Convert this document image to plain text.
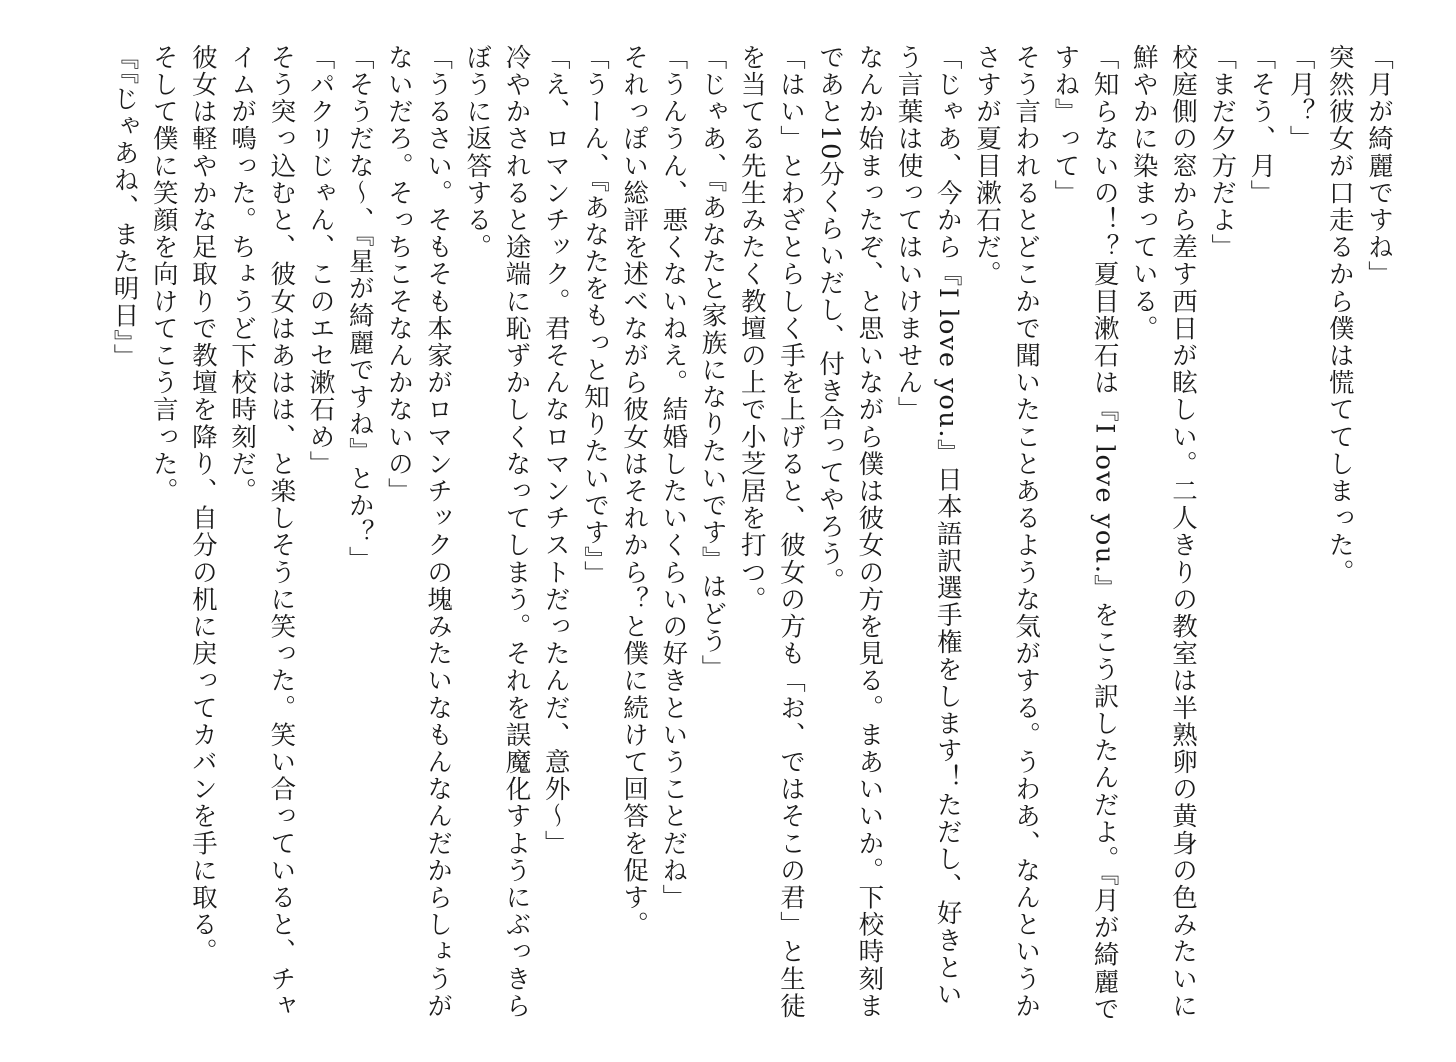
「月が綺麗ですね」
突然彼女が口走るから僕は慌ててしまった。
「月？」
「そう、月」
「まだ夕方だよ」
校庭側の窓から差す西日が眩しい。二人きりの教室は半熟卵の黄身の色みたいに鮮やかに染まっている。
「知らないの！？夏目漱石は『I love you.』をこう訳したんだよ。『月が綺麗ですね』って」
そう言われるとどこかで聞いたことあるような気がする。うわあ、なんというかさすが夏目漱石だ。
「じゃあ、今から『I love you.』日本語訳選手権をします！ただし、好きという言葉は使ってはいけません」
なんか始まったぞ、と思いながら僕は彼女の方を見る。まあいいか。下校時刻まであと10分くらいだし、付き合ってやろう。
「はい」とわざとらしく手を上げると、彼女の方も「お、ではそこの君」と生徒を当てる先生みたく教壇の上で小芝居を打つ。
「じゃあ、『あなたと家族になりたいです』はどう」
「うんうん、悪くないねえ。結婚したいくらいの好きということだね」
それっぽい総評を述べながら彼女はそれから？と僕に続けて回答を促す。
「うーん、『あなたをもっと知りたいです』」
「え、ロマンチック。君そんなロマンチストだったんだ、意外～」
冷やかされると途端に恥ずかしくなってしまう。それを誤魔化すようにぶっきらぼうに返答する。
「うるさい。そもそも本家がロマンチックの塊みたいなもんなんだからしょうがないだろ。そっちこそなんかないの」
「そうだな～、『星が綺麗ですね』とか？」
「パクリじゃん、このエセ漱石め」
そう突っ込むと、彼女はあはは、と楽しそうに笑った。笑い合っていると、チャイムが鳴った。ちょうど下校時刻だ。
彼女は軽やかな足取りで教壇を降り、自分の机に戻ってカバンを手に取る。
そして僕に笑顔を向けてこう言った。
『『じゃあね、また明日』」
